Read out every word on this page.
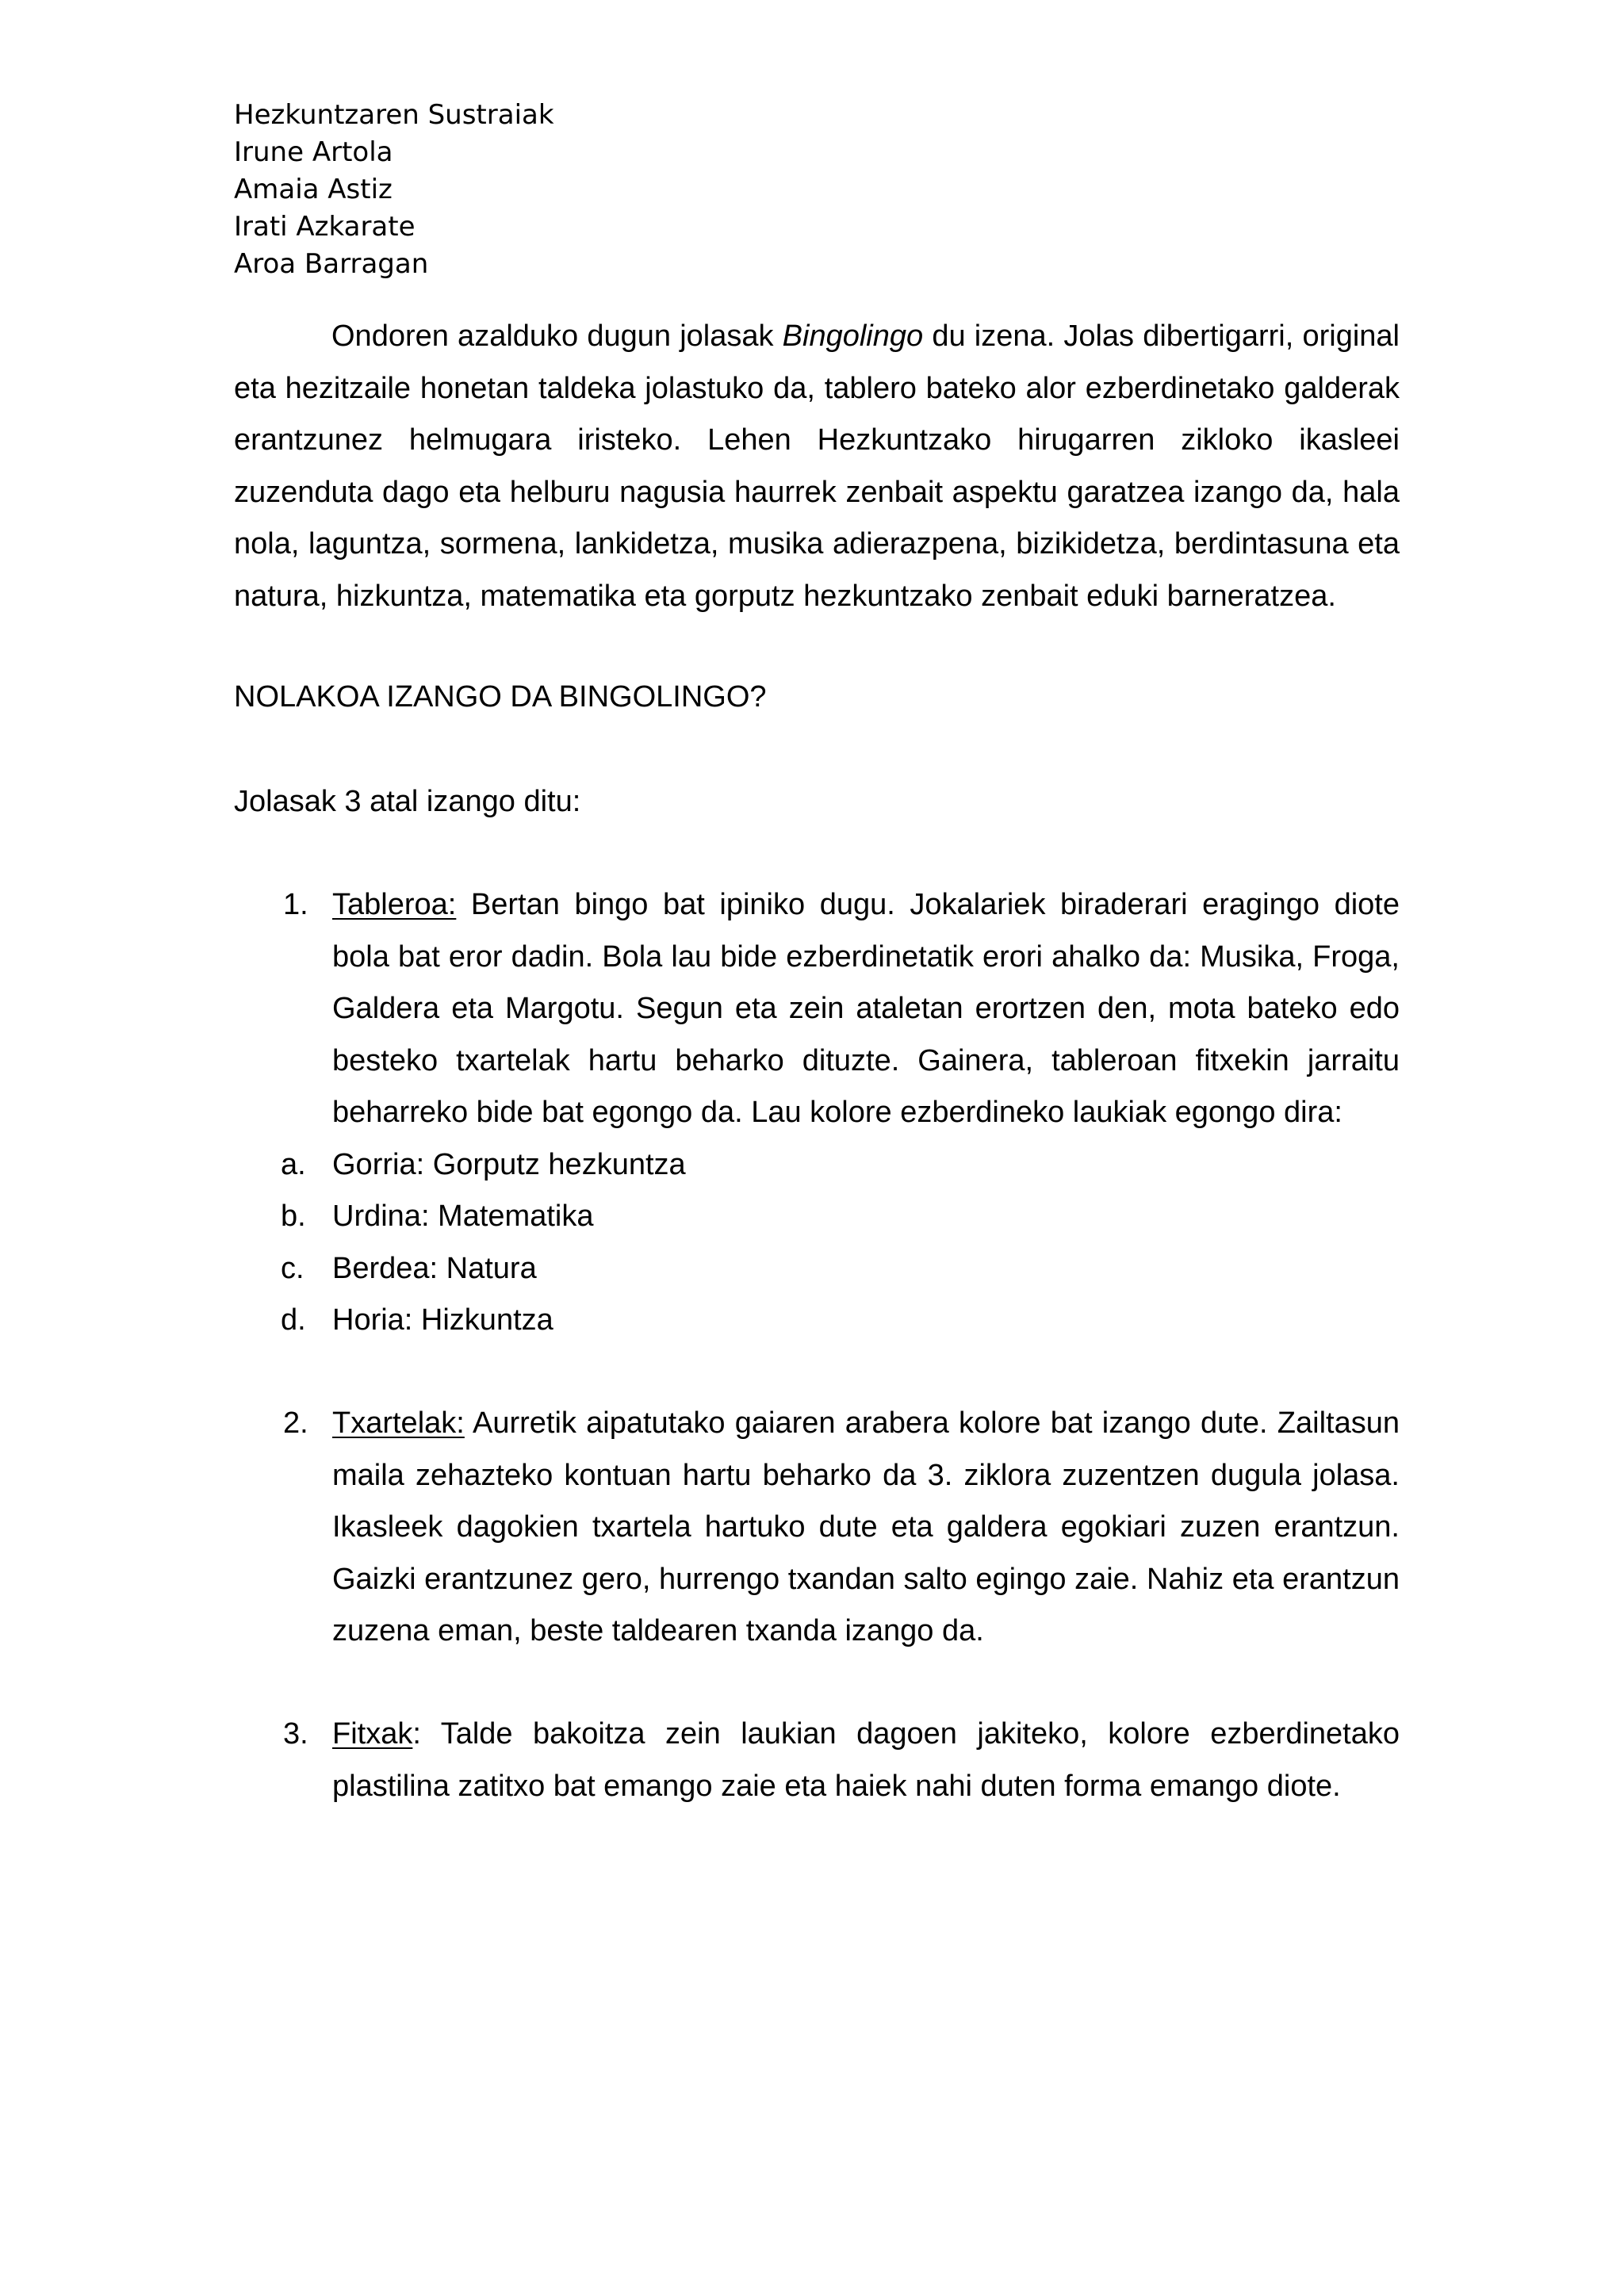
Hezkuntzaren Sustraiak
Irune Artola
Amaia Astiz
Irati Azkarate
Aroa Barragan

Ondoren azalduko dugun jolasak Bingolingo du izena. Jolas dibertigarri, original eta hezitzaile honetan taldeka jolastuko da, tablero bateko alor ezberdinetako galderak erantzunez helmugara iristeko. Lehen Hezkuntzako hirugarren zikloko ikasleei zuzenduta dago eta helburu nagusia haurrek zenbait aspektu garatzea izango da, hala nola, laguntza, sormena, lankidetza, musika adierazpena, bizikidetza, berdintasuna eta natura, hizkuntza, matematika eta gorputz hezkuntzako zenbait eduki barneratzea.

NOLAKOA IZANGO DA BINGOLINGO?

Jolasak 3 atal izango ditu:

1. Tableroa: Bertan bingo bat ipiniko dugu. Jokalariek biraderari eragingo diote bola bat eror dadin. Bola lau bide ezberdinetatik erori ahalko da: Musika, Froga, Galdera eta Margotu. Segun eta zein ataletan erortzen den, mota bateko edo besteko txartelak hartu beharko dituzte. Gainera, tableroan fitxekin jarraitu beharreko bide bat egongo da. Lau kolore ezberdineko laukiak egongo dira:
a. Gorria: Gorputz hezkuntza
b. Urdina: Matematika
c. Berdea: Natura
d. Horia: Hizkuntza
2. Txartelak: Aurretik aipatutako gaiaren arabera kolore bat izango dute. Zailtasun maila zehazteko kontuan hartu beharko da 3. ziklora zuzentzen dugula jolasa. Ikasleek dagokien txartela hartuko dute eta galdera egokiari zuzen erantzun. Gaizki erantzunez gero, hurrengo txandan salto egingo zaie. Nahiz eta erantzun zuzena eman, beste taldearen txanda izango da.
3. Fitxak: Talde bakoitza zein laukian dagoen jakiteko, kolore ezberdinetako plastilina zatitxo bat emango zaie eta haiek nahi duten forma emango diote.
